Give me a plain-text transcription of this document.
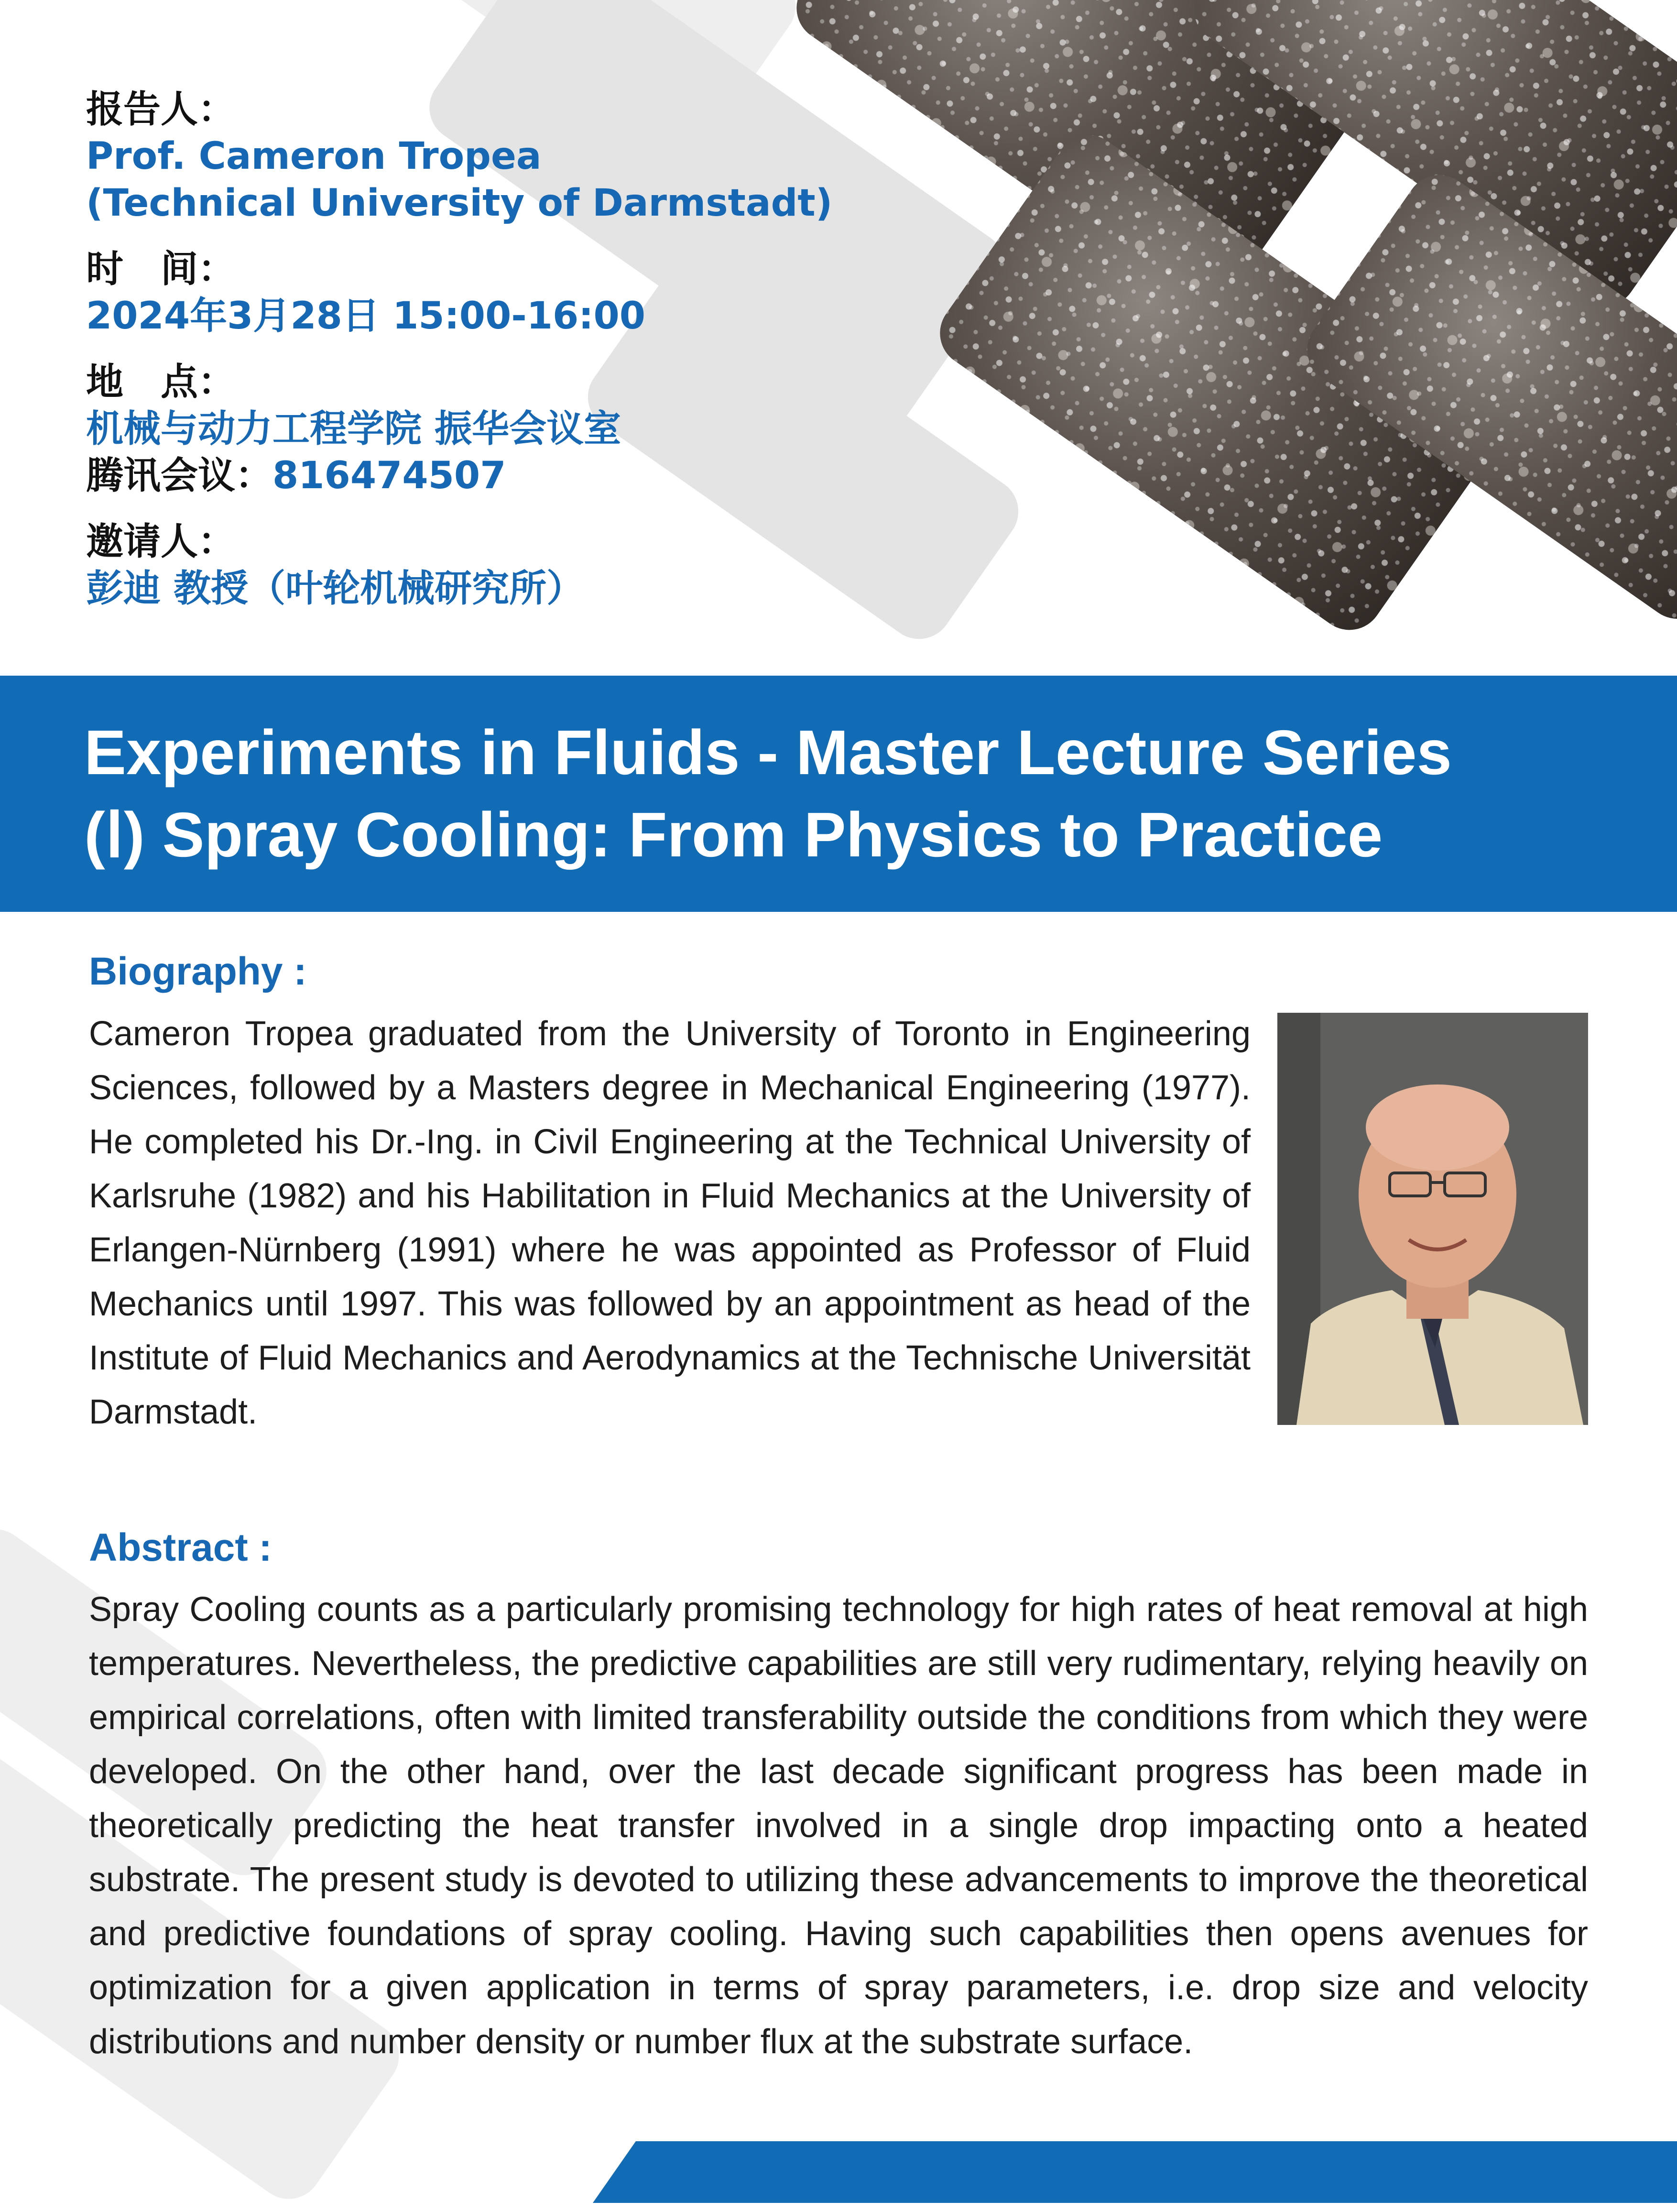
报告人：
Prof. Cameron Tropea
(Technical University of Darmstadt)
时　间：
2024年3月28日 15:00-16:00
地　点：
机械与动力工程学院 振华会议室
腾讯会议：816474507
邀请人：
彭迪 教授（叶轮机械研究所）
Experiments in Fluids - Master Lecture Series
(Ⅰ) Spray Cooling: From Physics to Practice
Biography :
Cameron Tropea graduated from the University of Toronto in Engineering Sciences, followed by a Masters degree in Mechanical Engineering (1977). He completed his Dr.-Ing. in Civil Engineering at the Technical University of Karlsruhe (1982) and his Habilitation in Fluid Mechanics at the University of Erlangen-Nürnberg (1991) where he was appointed as Professor of Fluid Mechanics until 1997. This was followed by an appointment as head of the Institute of Fluid Mechanics and Aerodynamics at the Technische Universität Darmstadt.
Abstract :
Spray Cooling counts as a particularly promising technology for high rates of heat removal at high temperatures. Nevertheless, the predictive capabilities are still very rudimentary, relying heavily on empirical correlations, often with limited transferability outside the conditions from which they were developed. On the other hand, over the last decade significant progress has been made in theoretically predicting the heat transfer involved in a single drop impacting onto a heated substrate. The present study is devoted to utilizing these advancements to improve the theoretical and predictive foundations of spray cooling. Having such capabilities then opens avenues for optimization for a given application in terms of spray parameters, i.e. drop size and velocity distributions and number density or number flux at the substrate surface.
